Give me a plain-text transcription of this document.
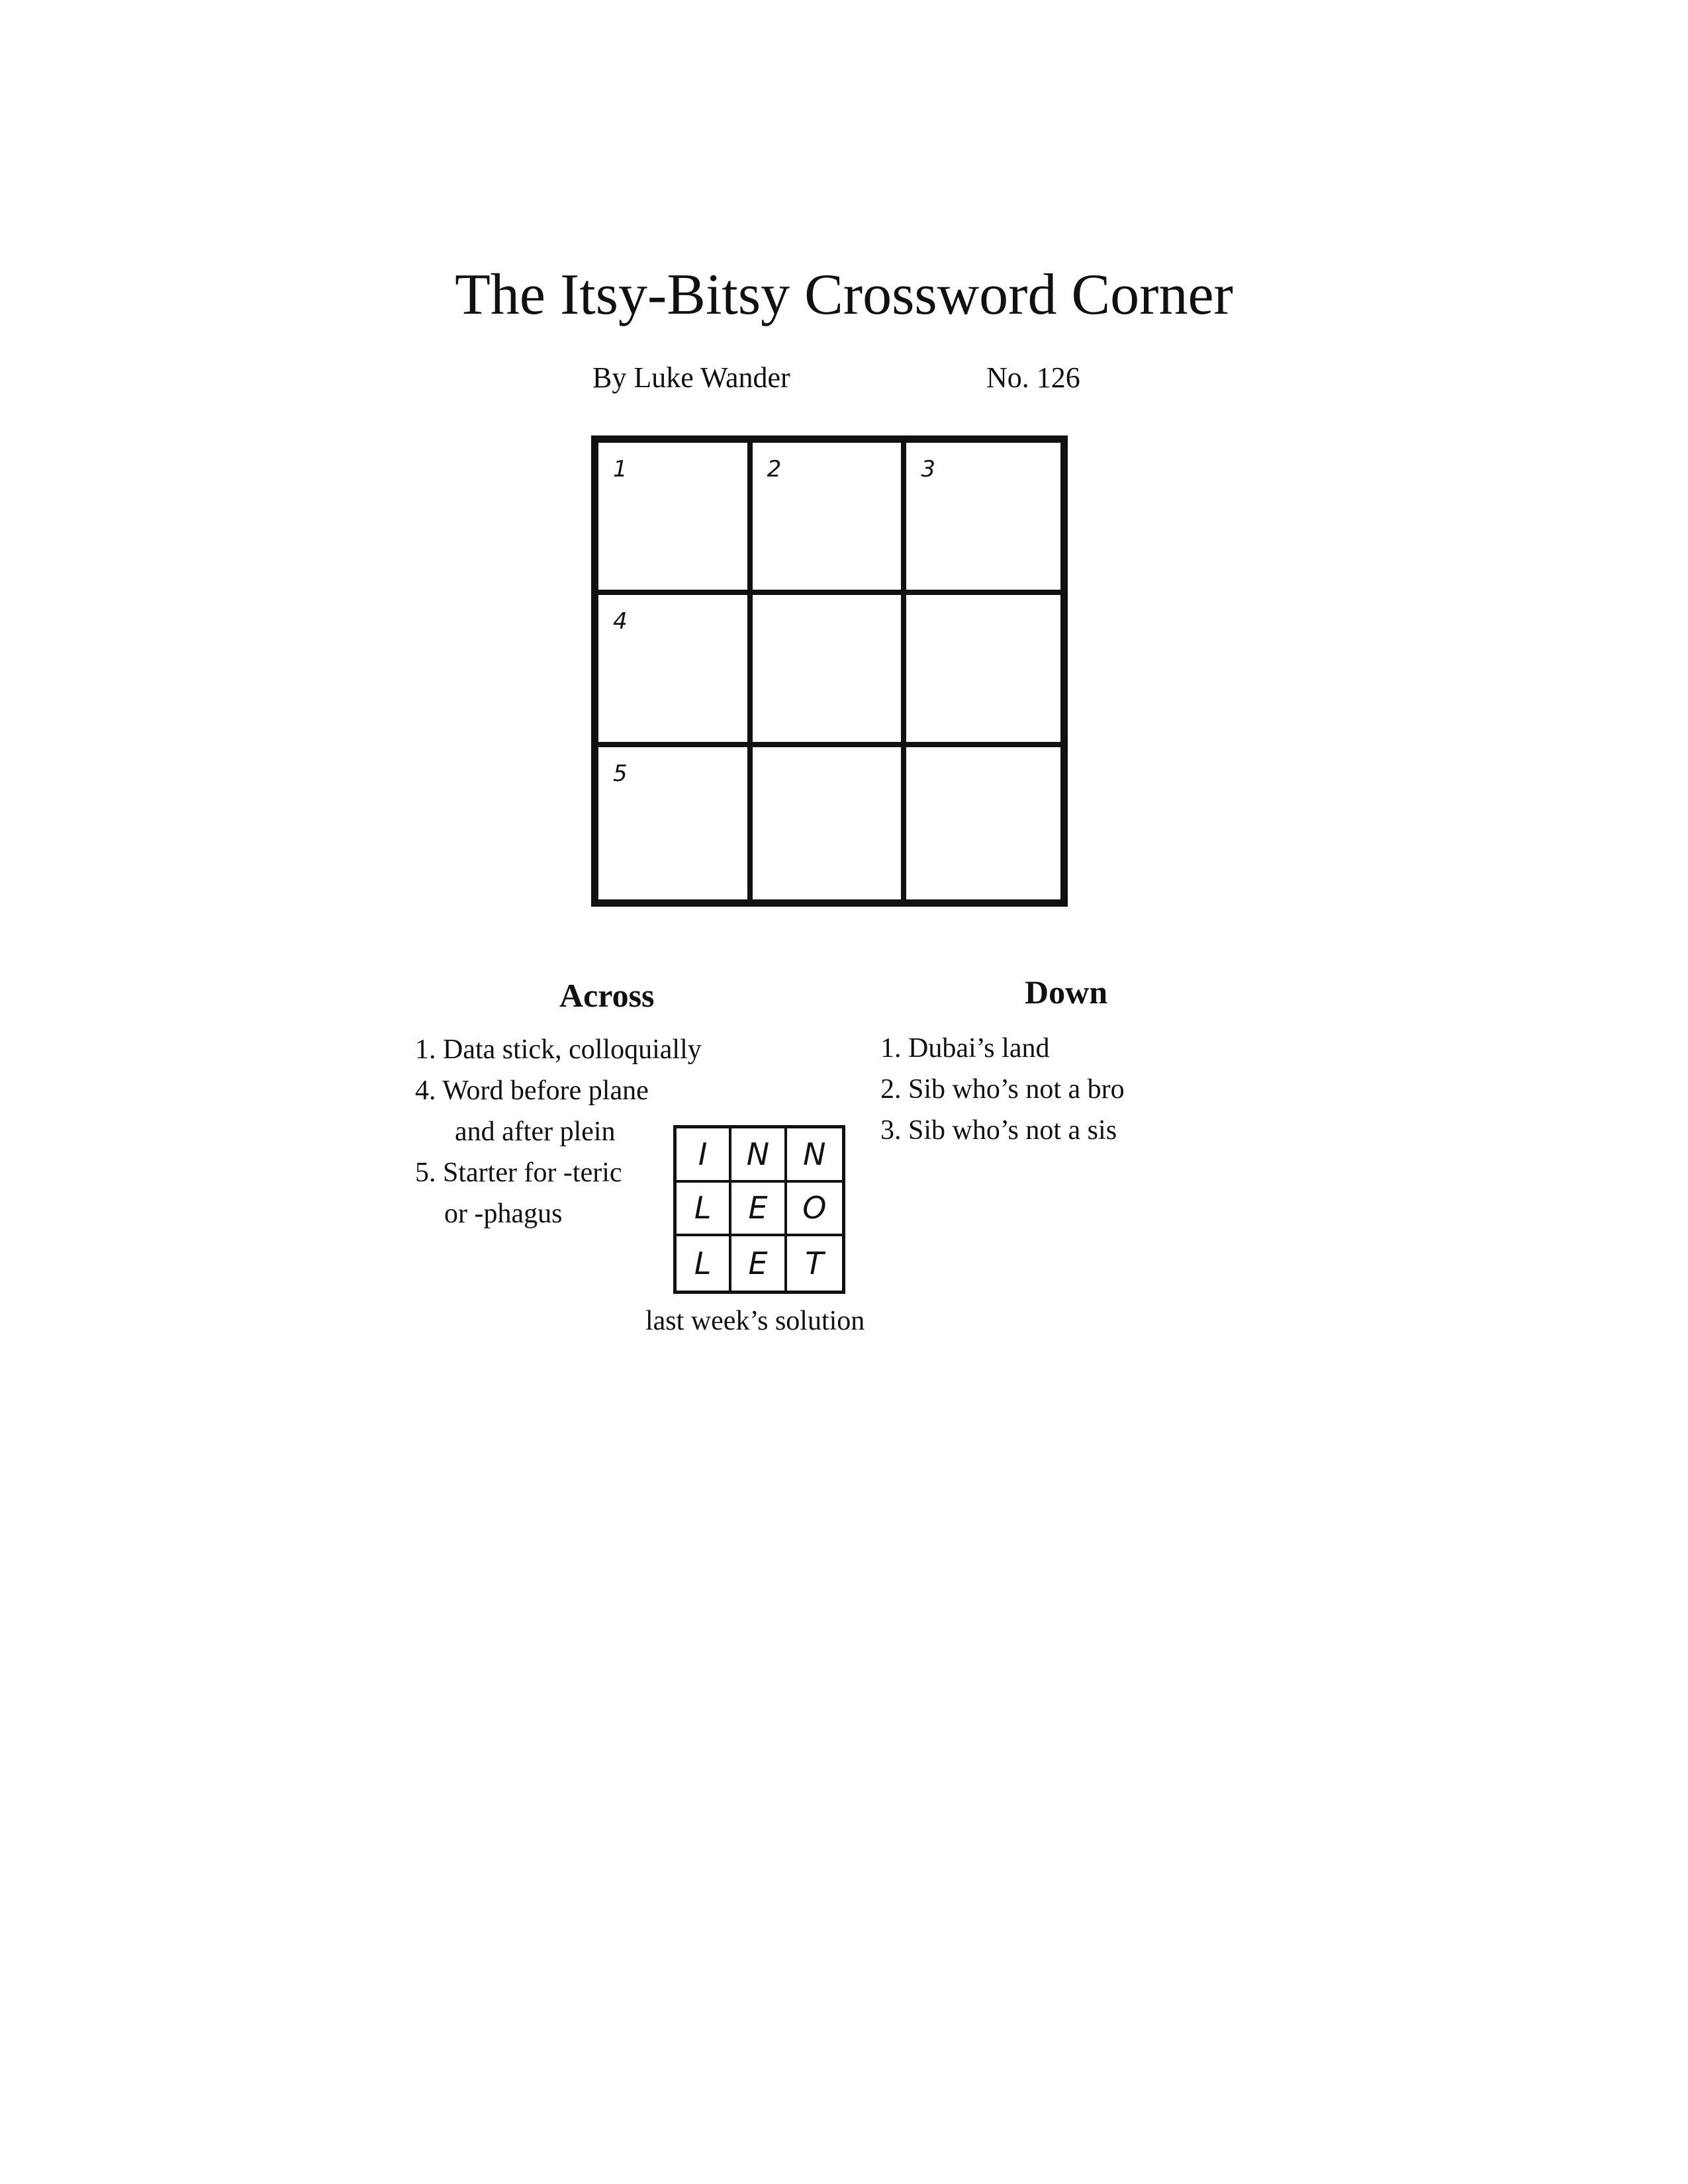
The Itsy-Bitsy Crossword Corner
By Luke Wander	No. 126
1	2	3
4
5
Across
1. Data stick, colloquially
4. Word before plane
and after plein
5. Starter for -teric
or -phagus
Down
1. Dubai’s land
2. Sib who’s not a bro
3. Sib who’s not a sis
I	N	N
L	E	O
L	E	T
last week’s solution
